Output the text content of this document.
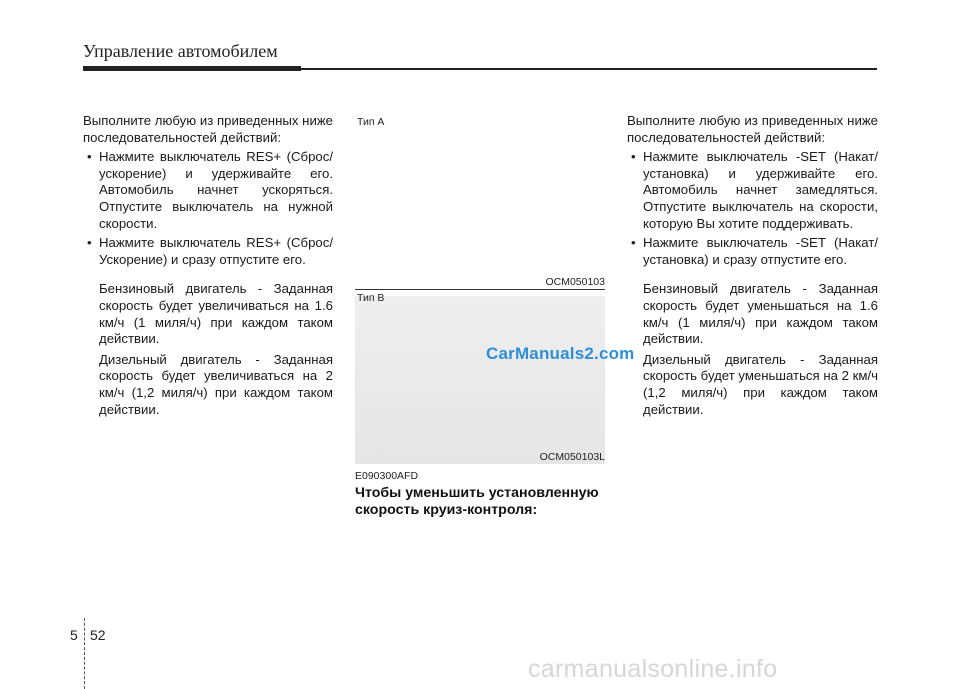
Управление автомобилем

Выполните любую из приведенных ниже последовательностей действий:

• Нажмите выключатель RES+ (Сброс/ускорение) и удерживайте его. Автомобиль начнет ускоряться. Отпустите выключатель на нужной скорости.
• Нажмите выключатель RES+ (Сброс/Ускорение) и сразу отпустите его.

Бензиновый двигатель - Заданная скорость будет увеличиваться на 1.6 км/ч (1 миля/ч) при каждом таком действии.

Дизельный двигатель - Заданная скорость будет увеличиваться на 2 км/ч (1,2 миля/ч) при каждом таком действии.

Тип A
OCM050103
Тип B
CarManuals2.com
OCM050103L
E090300AFD
Чтобы уменьшить установленную скорость круиз-контроля:

Выполните любую из приведенных ниже последовательностей действий:

• Нажмите выключатель -SET (Накат/установка) и удерживайте его. Автомобиль начнет замедляться. Отпустите выключатель на скорости, которую Вы хотите поддерживать.
• Нажмите выключатель -SET (Накат/установка) и сразу отпустите его.

Бензиновый двигатель - Заданная скорость будет уменьшаться на 1.6 км/ч (1 миля/ч) при каждом таком действии.

Дизельный двигатель - Заданная скорость будет уменьшаться на 2 км/ч (1,2 миля/ч) при каждом таком действии.

5 52
carmanualsonline.info
